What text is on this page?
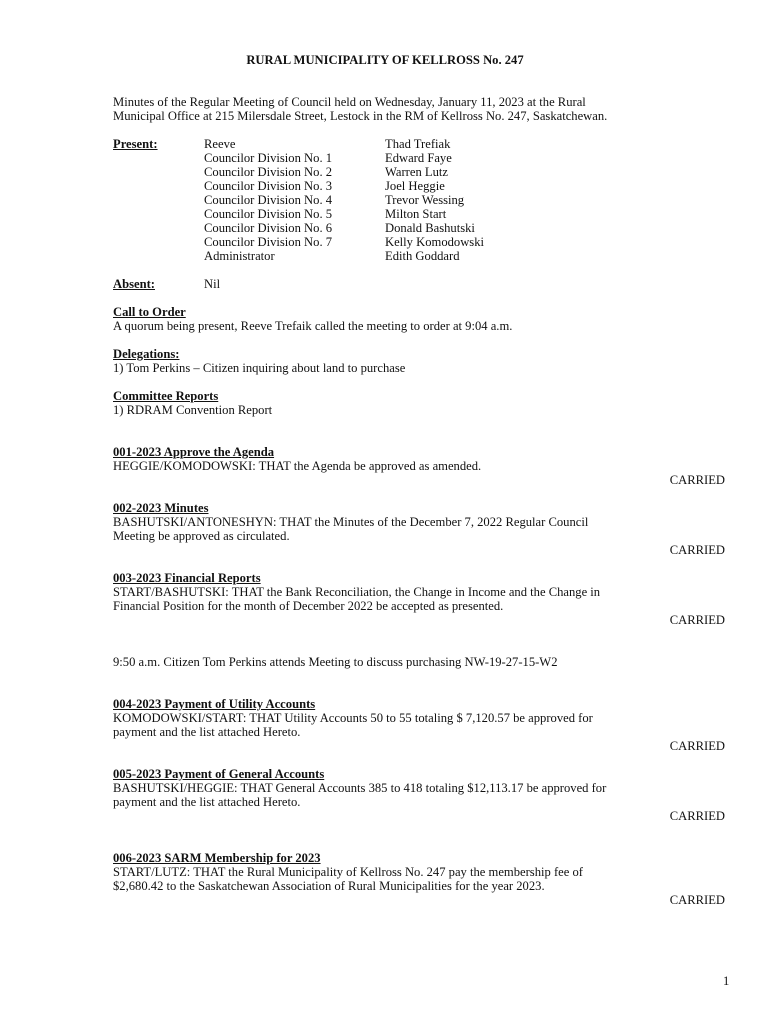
RURAL MUNICIPALITY OF KELLROSS No. 247
Minutes of the Regular Meeting of Council held on Wednesday, January 11, 2023 at the Rural
Municipal Office at 215 Milersdale Street, Lestock in the RM of Kellross No. 247, Saskatchewan.
Present:	Reeve
Councilor Division No. 1
Councilor Division No. 2
Councilor Division No. 3
Councilor Division No. 4
Councilor Division No. 5
Councilor Division No. 6
Councilor Division No. 7
Administrator
Thad Trefiak
Edward Faye
Warren Lutz
Joel Heggie
Trevor Wessing
Milton Start
Donald Bashutski
Kelly Komodowski
Edith Goddard
Absent:	Nil
Call to Order
A quorum being present, Reeve Trefaik called the meeting to order at 9:04 a.m.
Delegations:
1) Tom Perkins – Citizen inquiring about land to purchase
Committee Reports
1) RDRAM Convention Report
001-2023 Approve the Agenda
HEGGIE/KOMODOWSKI: THAT the Agenda be approved as amended.
CARRIED
002-2023 Minutes
BASHUTSKI/ANTONESHYN: THAT the Minutes of the December 7, 2022 Regular Council
Meeting be approved as circulated.
CARRIED
003-2023 Financial Reports
START/BASHUTSKI: THAT the Bank Reconciliation, the Change in Income and the Change in
Financial Position for the month of December 2022 be accepted as presented.
CARRIED
9:50 a.m. Citizen Tom Perkins attends Meeting to discuss purchasing NW-19-27-15-W2
004-2023 Payment of Utility Accounts
KOMODOWSKI/START: THAT Utility Accounts 50 to 55 totaling $ 7,120.57 be approved for
payment and the list attached Hereto.
CARRIED
005-2023 Payment of General Accounts
BASHUTSKI/HEGGIE: THAT General Accounts 385 to 418 totaling $12,113.17 be approved for
payment and the list attached Hereto.
CARRIED
006-2023 SARM Membership for 2023
START/LUTZ: THAT the Rural Municipality of Kellross No. 247 pay the membership fee of
$2,680.42 to the Saskatchewan Association of Rural Municipalities for the year 2023.
CARRIED
1
